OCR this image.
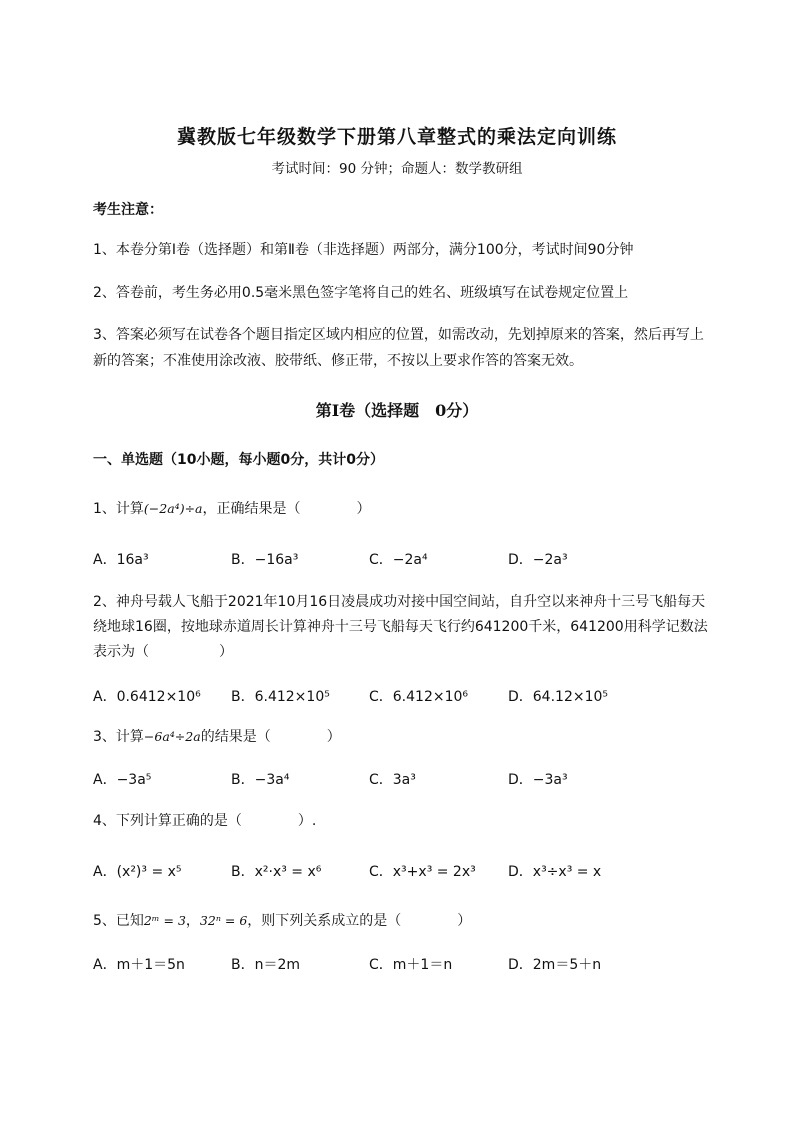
冀教版七年级数学下册第八章整式的乘法定向训练
考试时间：90 分钟；命题人：数学教研组
考生注意：
1、本卷分第Ⅰ卷（选择题）和第Ⅱ卷（非选择题）两部分，满分100分，考试时间90分钟
2、答卷前，考生务必用0.5毫米黑色签字笔将自己的姓名、班级填写在试卷规定位置上
3、答案必须写在试卷各个题目指定区域内相应的位置，如需改动，先划掉原来的答案，然后再写上新的答案；不准使用涂改液、胶带纸、修正带，不按以上要求作答的答案无效。
第Ⅰ卷（选择题　0分）
一、单选题（10小题，每小题0分，共计0分）
1、计算(−2a⁴)÷a，正确结果是（　　　　）
A．16a³	B．−16a³	C．−2a⁴	D．−2a³
2、神舟号载人飞船于2021年10月16日凌晨成功对接中国空间站，自升空以来神舟十三号飞船每天
绕地球16圈，按地球赤道周长计算神舟十三号飞船每天飞行约641200千米，641200用科学记数法
表示为（　　　　　）
A．0.6412×10⁶ B．6.412×10⁵	C．6.412×10⁶	D．64.12×10⁵
3、计算−6a⁴÷2a的结果是（　　　　）
A．−3a⁵	B．−3a⁴	C．3a³	D．−3a³
4、下列计算正确的是（　　　　）.
A．(x²)³ = x⁵	B．x²·x³ = x⁶	C．x³+x³ = 2x³ D．x³÷x³ = x
5、已知2ᵐ = 3，32ⁿ = 6，则下列关系成立的是（　　　　）
A．m＋1＝5n	B．n＝2m	C．m＋1＝n	D．2m＝5＋n
